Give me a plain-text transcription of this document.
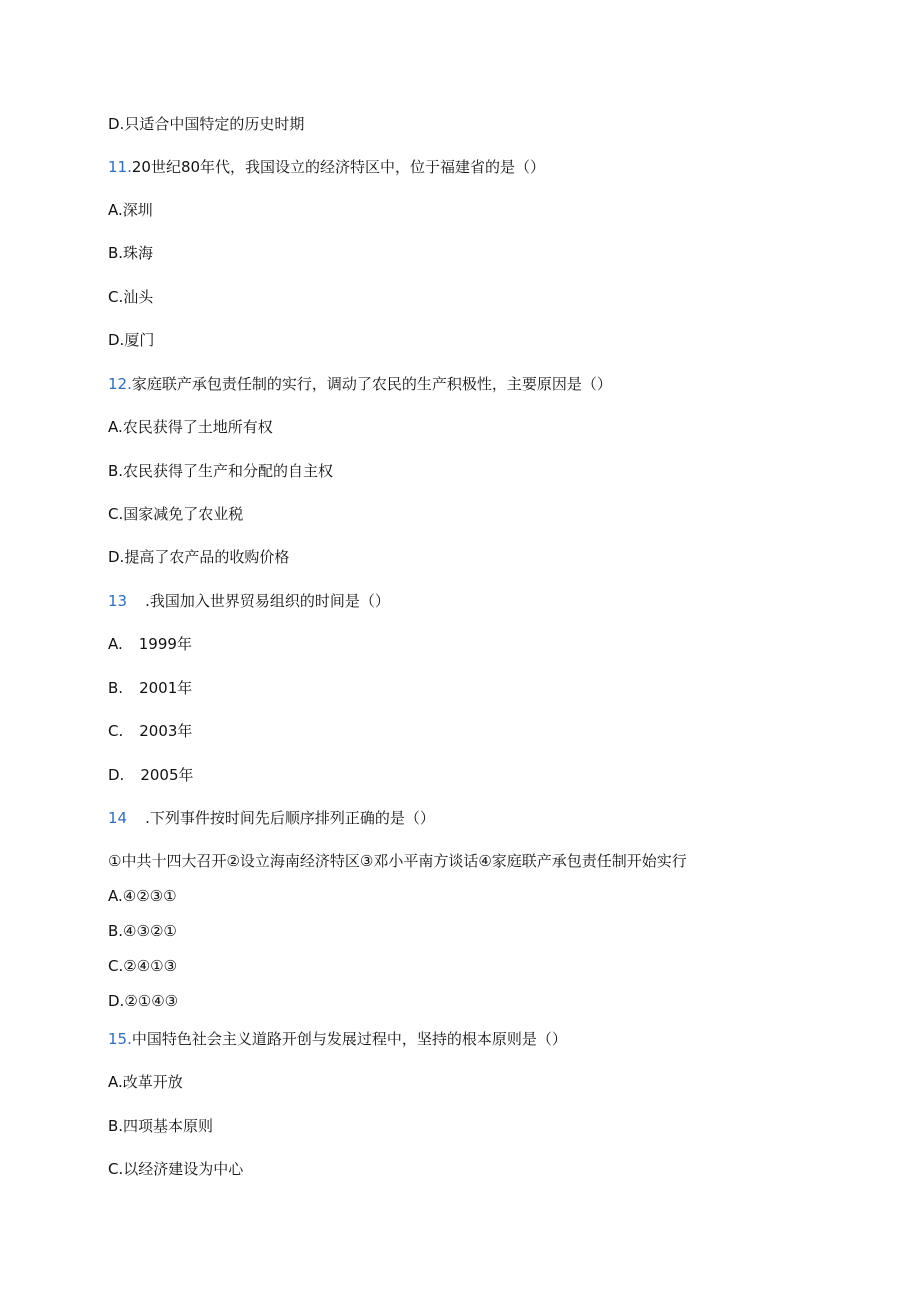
D.只适合中国特定的历史时期
11.20世纪80年代，我国设立的经济特区中，位于福建省的是（）
A.深圳
B.珠海
C.汕头
D.厦门
12.家庭联产承包责任制的实行，调动了农民的生产积极性，主要原因是（）
A.农民获得了土地所有权
B.农民获得了生产和分配的自主权
C.国家减免了农业税
D.提高了农产品的收购价格
13 .我国加入世界贸易组织的时间是（）
A. 1999年
B. 2001年
C. 2003年
D. 2005年
14 .下列事件按时间先后顺序排列正确的是（）
①中共十四大召开②设立海南经济特区③邓小平南方谈话④家庭联产承包责任制开始实行
A.④②③①
B.④③②①
C.②④①③
D.②①④③
15.中国特色社会主义道路开创与发展过程中，坚持的根本原则是（）
A.改革开放
B.四项基本原则
C.以经济建设为中心
